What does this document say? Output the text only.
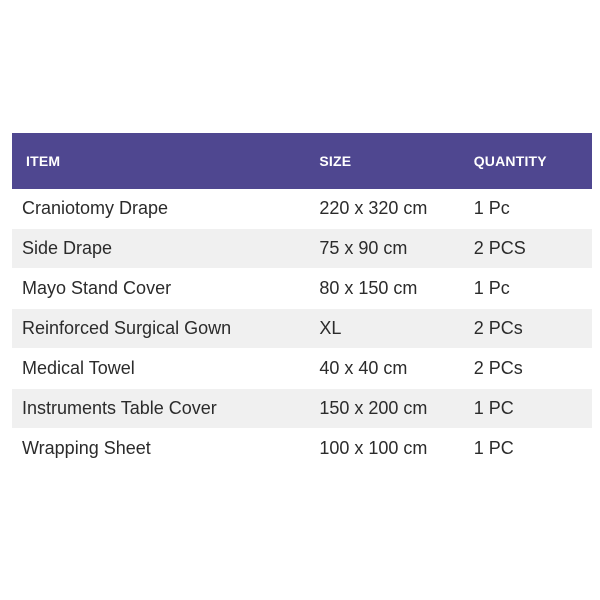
ITEM	SIZE	QUANTITY
Craniotomy Drape	220 x 320 cm	1 Pc
Side Drape	75 x 90 cm	2 PCS
Mayo Stand Cover	80 x 150 cm	1 Pc
Reinforced Surgical Gown	XL	2 PCs
Medical Towel	40 x 40 cm	2 PCs
Instruments Table Cover	150 x 200 cm	1 PC
Wrapping Sheet	100 x 100 cm	1 PC
